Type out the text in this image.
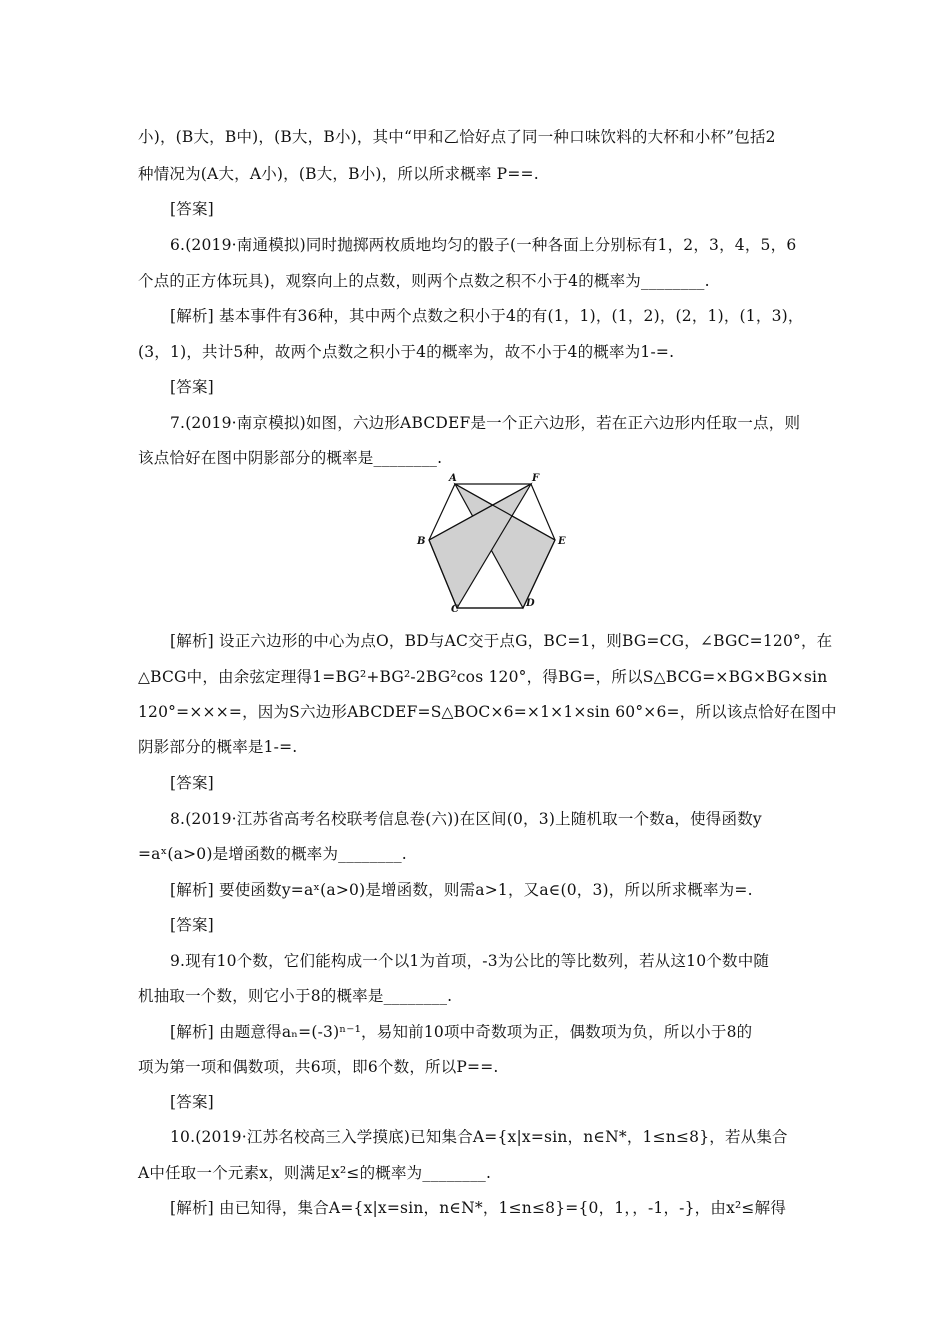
小)，(B大，B中)，(B大，B小)，其中“甲和乙恰好点了同一种口味饮料的大杯和小杯”包括2
种情况为(A大，A小)，(B大，B小)，所以所求概率 P==.
[答案]
6.(2019·南通模拟)同时抛掷两枚质地均匀的骰子(一种各面上分别标有1，2，3，4，5，6
个点的正方体玩具)，观察向上的点数，则两个点数之积不小于4的概率为________.
[解析] 基本事件有36种，其中两个点数之积小于4的有(1，1)，(1，2)，(2，1)，(1，3)，
(3，1)，共计5种，故两个点数之积小于4的概率为，故不小于4的概率为1-=.
[答案]
7.(2019·南京模拟)如图，六边形ABCDEF是一个正六边形，若在正六边形内任取一点，则
该点恰好在图中阴影部分的概率是________.
A	F
B	E
C
D
[解析] 设正六边形的中心为点O，BD与AC交于点G，BC=1，则BG=CG，∠BGC=120°，在
△BCG中，由余弦定理得1=BG²+BG²-2BG²cos 120°，得BG=，所以S△BCG=×BG×BG×sin
120°=×××=，因为S六边形ABCDEF=S△BOC×6=×1×1×sin 60°×6=，所以该点恰好在图中
阴影部分的概率是1-=.
[答案]
8.(2019·江苏省高考名校联考信息卷(六))在区间(0，3)上随机取一个数a，使得函数y
=aˣ(a>0)是增函数的概率为________.
[解析] 要使函数y=aˣ(a>0)是增函数，则需a>1，又a∈(0，3)，所以所求概率为=.
[答案]
9.现有10个数，它们能构成一个以1为首项，-3为公比的等比数列，若从这10个数中随
机抽取一个数，则它小于8的概率是________.
[解析] 由题意得aₙ=(-3)ⁿ⁻¹，易知前10项中奇数项为正，偶数项为负，所以小于8的
项为第一项和偶数项，共6项，即6个数，所以P==.
[答案]
10.(2019·江苏名校高三入学摸底)已知集合A={x|x=sin，n∈N*，1≤n≤8}，若从集合
A中任取一个元素x，则满足x²≤的概率为________.
[解析] 由已知得，集合A={x|x=sin，n∈N*，1≤n≤8}={0，1，，-1，-}，由x²≤解得
